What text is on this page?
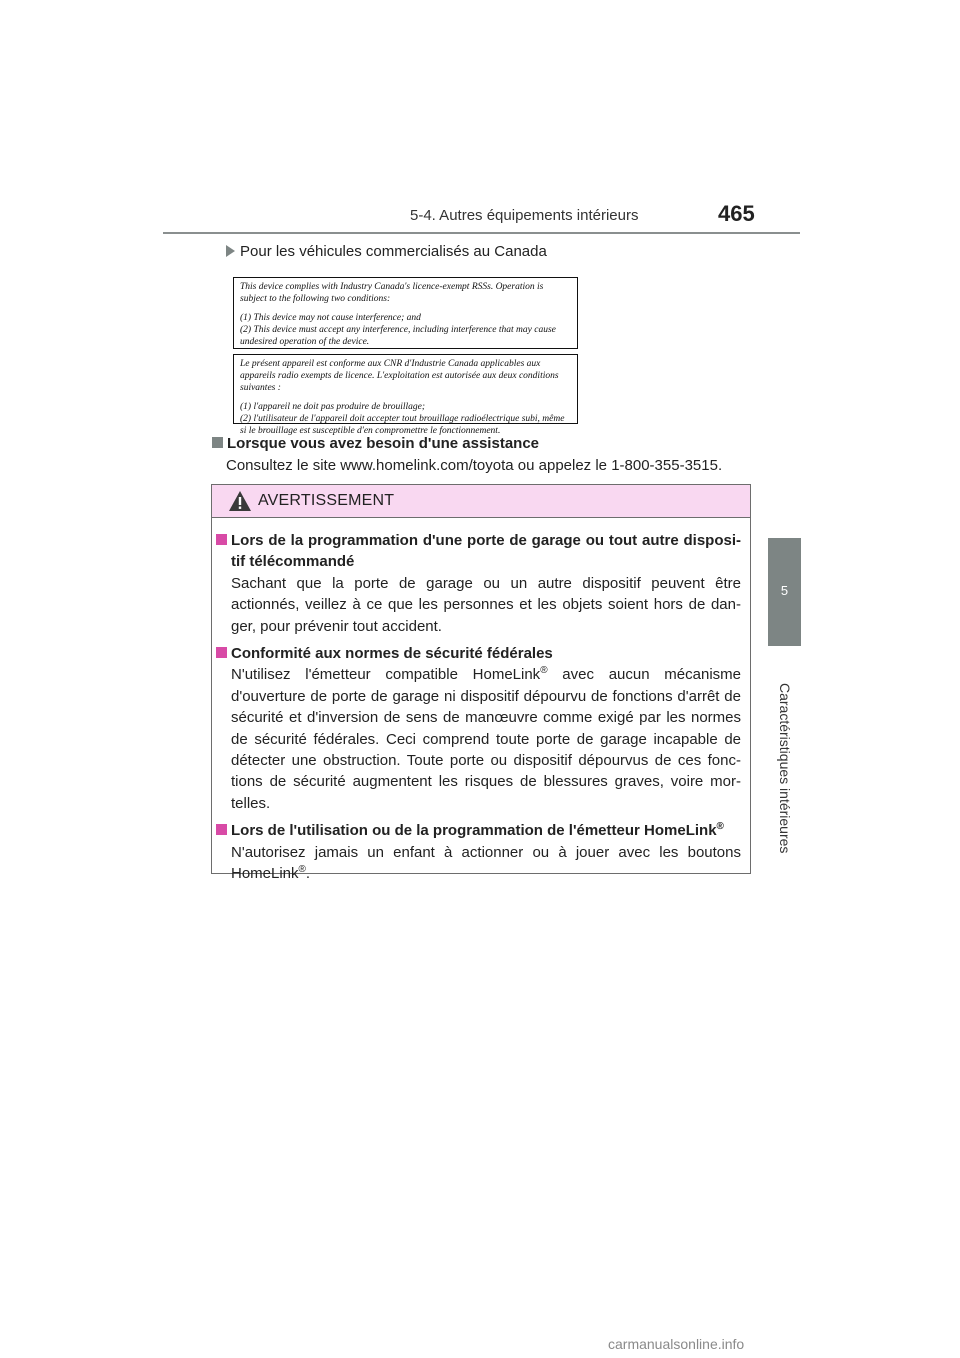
5-4. Autres équipements intérieurs	465
5
Caractéristiques intérieures
Pour les véhicules commercialisés au Canada

This device complies with Industry Canada's licence-exempt RSSs. Operation is subject to the following two conditions:

(1) This device may not cause interference; and

(2) This device must accept any interference, including interference that may cause undesired operation of the device.

Le présent appareil est conforme aux CNR d'Industrie Canada applicables aux appareils radio exempts de licence. L'exploitation est autorisée aux deux conditions suivantes :

(1) l'appareil ne doit pas produire de brouillage;

(2) l'utilisateur de l'appareil doit accepter tout brouillage radioélectrique subi, même si le brouillage est susceptible d'en compromettre le fonctionnement.

Lorsque vous avez besoin d'une assistance
Consultez le site www.homelink.com/toyota ou appelez le 1-800-355-3515.
AVERTISSEMENT
Lors de la programmation d'une porte de garage ou tout autre disposi-tif télécommandé
Sachant que la porte de garage ou un autre dispositif peuvent être actionnés, veillez à ce que les personnes et les objets soient hors de dan-ger, pour prévenir tout accident.
Conformité aux normes de sécurité fédérales
N'utilisez l'émetteur compatible HomeLink® avec aucun mécanisme d'ouverture de porte de garage ni dispositif dépourvu de fonctions d'arrêt de sécurité et d'inversion de sens de manœuvre comme exigé par les normes de sécurité fédérales. Ceci comprend toute porte de garage incapable de détecter une obstruction. Toute porte ou dispositif dépourvus de ces fonc-tions de sécurité augmentent les risques de blessures graves, voire mor-telles.
Lors de l'utilisation ou de la programmation de l'émetteur HomeLink®
N'autorisez jamais un enfant à actionner ou à jouer avec les boutons HomeLink®.
carmanualsonline.info
